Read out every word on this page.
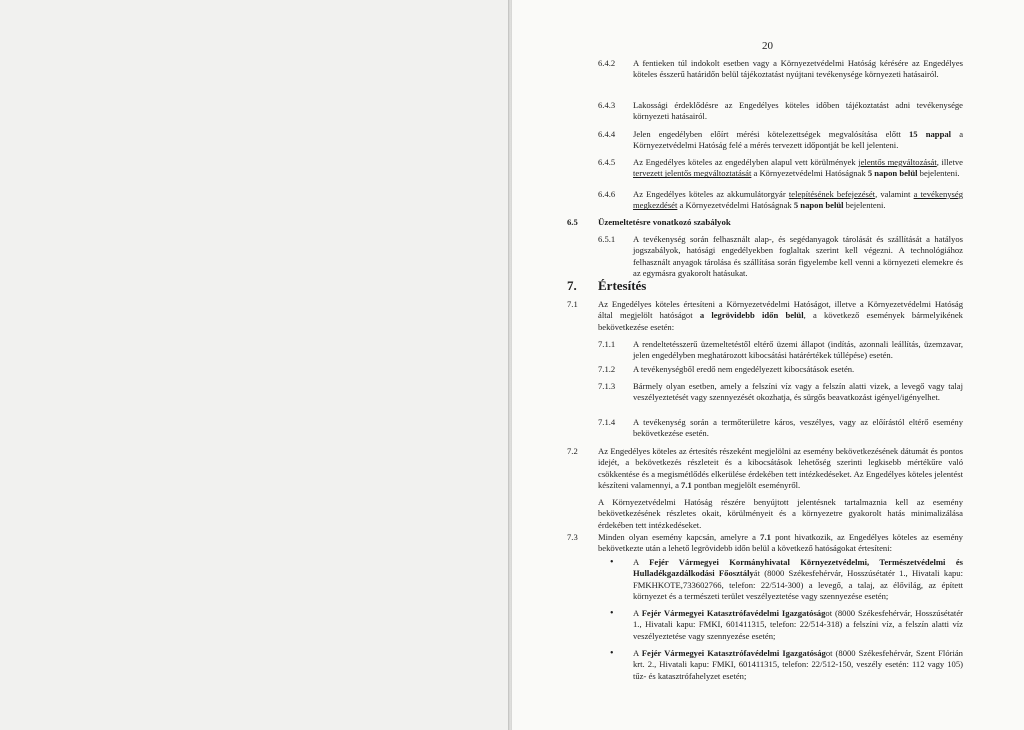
20
6.4.2 A fentieken túl indokolt esetben vagy a Környezetvédelmi Hatóság kérésére az Engedélyes köteles ésszerű határidőn belül tájékoztatást nyújtani tevékenysége környezeti hatásairól.

6.4.3 Lakossági érdeklődésre az Engedélyes köteles időben tájékoztatást adni tevékenysége környezeti hatásairól.

6.4.4 Jelen engedélyben előírt mérési kötelezettségek megvalósítása előtt 15 nappal a Környezetvédelmi Hatóság felé a mérés tervezett időpontját be kell jelenteni.

6.4.5 Az Engedélyes köteles az engedélyben alapul vett körülmények jelentős megváltozását, illetve tervezett jelentős megváltoztatását a Környezetvédelmi Hatóságnak 5 napon belül bejelenteni.

6.4.6 Az Engedélyes köteles az akkumulátorgyár telepítésének befejezését, valamint a tevékenység megkezdését a Környezetvédelmi Hatóságnak 5 napon belül bejelenteni.

6.5 Üzemeltetésre vonatkozó szabályok

6.5.1 A tevékenység során felhasznált alap-, és segédanyagok tárolását és szállítását a hatályos jogszabályok, hatósági engedélyekben foglaltak szerint kell végezni. A technológiához felhasznált anyagok tárolása és szállítása során figyelembe kell venni a környezeti elemekre és az egymásra gyakorolt hatásukat.

7. Értesítés

7.1 Az Engedélyes köteles értesíteni a Környezetvédelmi Hatóságot, illetve a Környezetvédelmi Hatóság által megjelölt hatóságot a legrövidebb időn belül, a következő események bármelyikének bekövetkezése esetén:

7.1.1 A rendeltetésszerű üzemeltetéstől eltérő üzemi állapot (indítás, azonnali leállítás, üzemzavar, jelen engedélyben meghatározott kibocsátási határértékek túllépése) esetén.

7.1.2 A tevékenységből eredő nem engedélyezett kibocsátások esetén.

7.1.3 Bármely olyan esetben, amely a felszíni víz vagy a felszín alatti vizek, a levegő vagy talaj veszélyeztetését vagy szennyezését okozhatja, és sürgős beavatkozást igényel/igényelhet.

7.1.4 A tevékenység során a termőterületre káros, veszélyes, vagy az előírástól eltérő esemény bekövetkezése esetén.

7.2 Az Engedélyes köteles az értesítés részeként megjelölni az esemény bekövetkezésének dátumát és pontos idejét, a bekövetkezés részleteit és a kibocsátások lehetőség szerinti legkisebb mértékűre való csökkentése és a megismétlődés elkerülése érdekében tett intézkedéseket. Az Engedélyes köteles jelentést készíteni valamennyi, a 7.1 pontban megjelölt eseményről.

A Környezetvédelmi Hatóság részére benyújtott jelentésnek tartalmaznia kell az esemény bekövetkezésének részletes okait, körülményeit és a környezetre gyakorolt hatás minimalizálása érdekében tett intézkedéseket.

7.3 Minden olyan esemény kapcsán, amelyre a 7.1 pont hivatkozik, az Engedélyes köteles az esemény bekövetkezte után a lehető legrövidebb időn belül a következő hatóságokat értesíteni:

• A Fejér Vármegyei Kormányhivatal Környezetvédelmi, Természetvédelmi és Hulladékgazdálkodási Főosztályát (8000 Székesfehérvár, Hosszúsétatér 1., Hivatali kapu: FMKHKOTE,733602766, telefon: 22/514-300) a levegő, a talaj, az élővilág, az épített környezet és a természeti terület veszélyeztetése vagy szennyezése esetén;

• A Fejér Vármegyei Katasztrófavédelmi Igazgatóságot (8000 Székesfehérvár, Hosszúsétatér 1., Hivatali kapu: FMKI, 601411315, telefon: 22/514-318) a felszíni víz, a felszín alatti víz veszélyeztetése vagy szennyezése esetén;

• A Fejér Vármegyei Katasztrófavédelmi Igazgatóságot (8000 Székesfehérvár, Szent Flórián krt. 2., Hivatali kapu: FMKI, 601411315, telefon: 22/512-150, veszély esetén: 112 vagy 105) tűz- és katasztrófahelyzet esetén;
